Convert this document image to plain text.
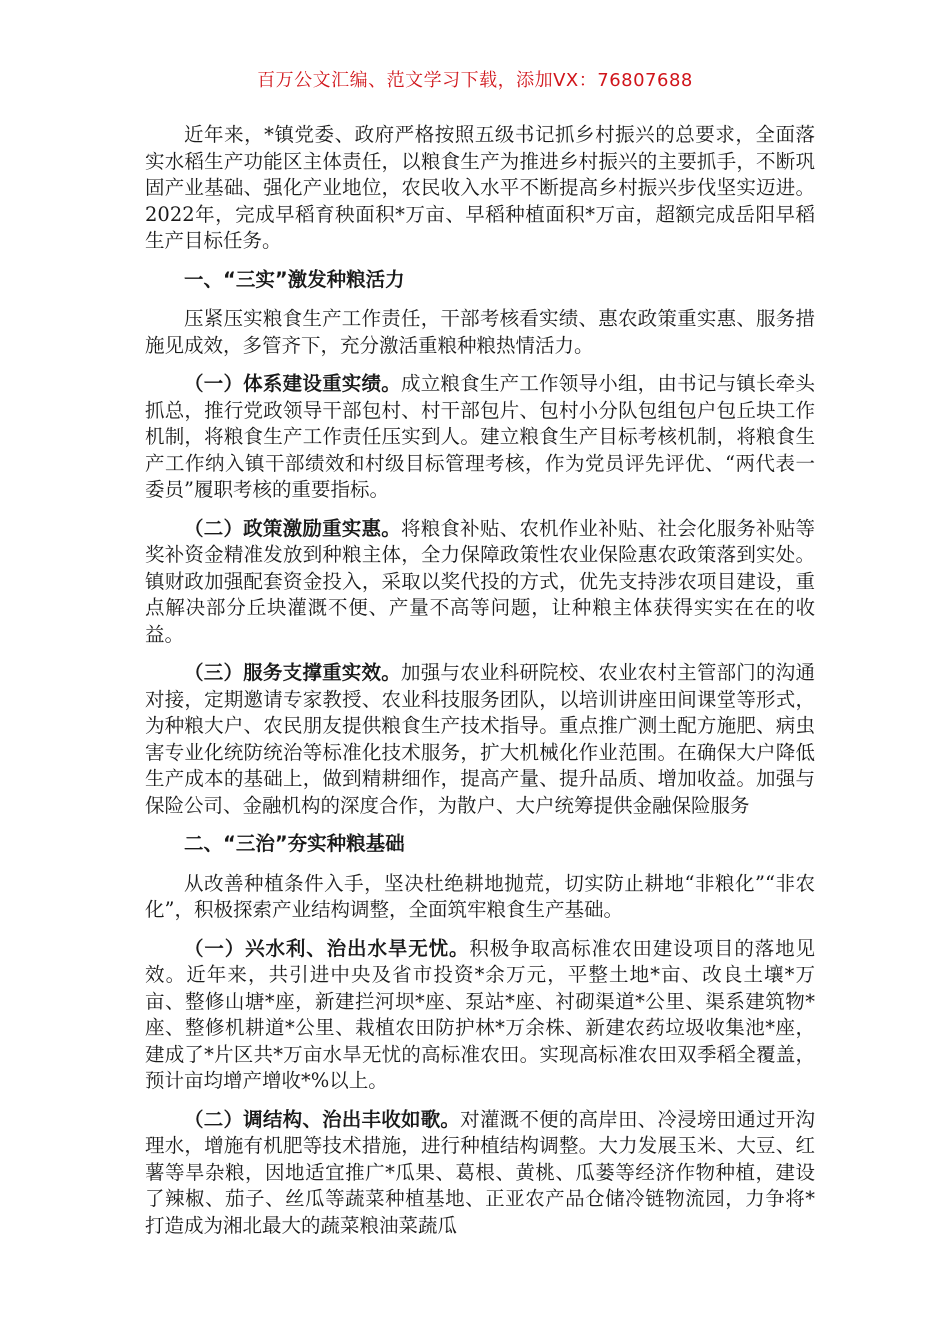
百万公文汇编、范文学习下载，添加VX：76807688

近年来，*镇党委、政府严格按照五级书记抓乡村振兴的总要求，全面落实水稻生产功能区主体责任，以粮食生产为推进乡村振兴的主要抓手，不断巩固产业基础、强化产业地位，农民收入水平不断提高乡村振兴步伐坚实迈进。2022年，完成早稻育秧面积*万亩、早稻种植面积*万亩，超额完成岳阳早稻生产目标任务。

一、“三实”激发种粮活力

压紧压实粮食生产工作责任，干部考核看实绩、惠农政策重实惠、服务措施见成效，多管齐下，充分激活重粮种粮热情活力。

（一）体系建设重实绩。成立粮食生产工作领导小组，由书记与镇长牵头抓总，推行党政领导干部包村、村干部包片、包村小分队包组包户包丘块工作机制，将粮食生产工作责任压实到人。建立粮食生产目标考核机制，将粮食生产工作纳入镇干部绩效和村级目标管理考核，作为党员评先评优、“两代表一委员”履职考核的重要指标。

（二）政策激励重实惠。将粮食补贴、农机作业补贴、社会化服务补贴等奖补资金精准发放到种粮主体，全力保障政策性农业保险惠农政策落到实处。镇财政加强配套资金投入，采取以奖代投的方式，优先支持涉农项目建设，重点解决部分丘块灌溉不便、产量不高等问题，让种粮主体获得实实在在的收益。

（三）服务支撑重实效。加强与农业科研院校、农业农村主管部门的沟通对接，定期邀请专家教授、农业科技服务团队，以培训讲座田间课堂等形式，为种粮大户、农民朋友提供粮食生产技术指导。重点推广测土配方施肥、病虫害专业化统防统治等标准化技术服务，扩大机械化作业范围。在确保大户降低生产成本的基础上，做到精耕细作，提高产量、提升品质、增加收益。加强与保险公司、金融机构的深度合作，为散户、大户统筹提供金融保险服务

二、“三治”夯实种粮基础

从改善种植条件入手，坚决杜绝耕地抛荒，切实防止耕地“非粮化”“非农化”，积极探索产业结构调整，全面筑牢粮食生产基础。

（一）兴水利、治出水旱无忧。积极争取高标准农田建设项目的落地见效。近年来，共引进中央及省市投资*余万元，平整土地*亩、改良土壤*万亩、整修山塘*座，新建拦河坝*座、泵站*座、衬砌渠道*公里、渠系建筑物*座、整修机耕道*公里、栽植农田防护林*万余株、新建农药垃圾收集池*座，建成了*片区共*万亩水旱无忧的高标准农田。实现高标准农田双季稻全覆盖，预计亩均增产增收*%以上。

（二）调结构、治出丰收如歌。对灌溉不便的高岸田、冷浸塝田通过开沟理水，增施有机肥等技术措施，进行种植结构调整。大力发展玉米、大豆、红薯等旱杂粮，因地适宜推广*瓜果、葛根、黄桃、瓜蒌等经济作物种植，建设了辣椒、茄子、丝瓜等蔬菜种植基地、正亚农产品仓储冷链物流园，力争将*打造成为湘北最大的蔬菜粮油菜蔬瓜
